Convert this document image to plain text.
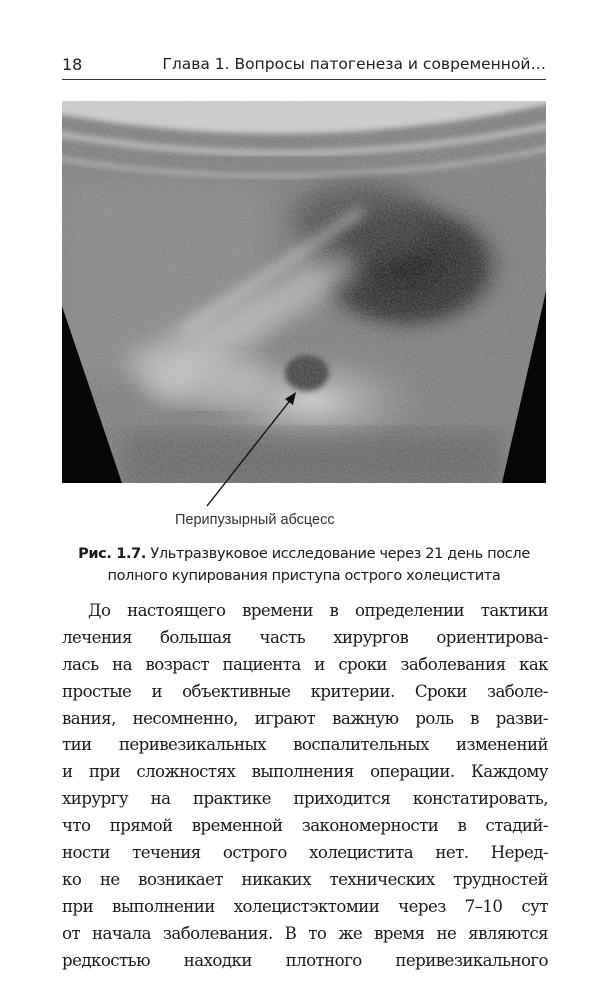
18	Глава 1. Вопросы патогенеза и современной…
Перипузырный абсцесс
Рис. 1.7. Ультразвуковое исследование через 21 день после
полного купирования приступа острого холецистита
До настоящего времени в определении тактики
лечения большая часть хирургов ориентирова-
лась на возраст пациента и сроки заболевания как
простые и объективные критерии. Сроки заболе-
вания, несомненно, играют важную роль в разви-
тии перивезикальных воспалительных изменений
и при сложностях выполнения операции. Каждому
хирургу на практике приходится констатировать,
что прямой временной закономерности в стадий-
ности течения острого холецистита нет. Неред-
ко не возникает никаких технических трудностей
при выполнении холецистэктомии через 7–10 сут
от начала заболевания. В то же время не являются
редкостью находки плотного перивезикального
